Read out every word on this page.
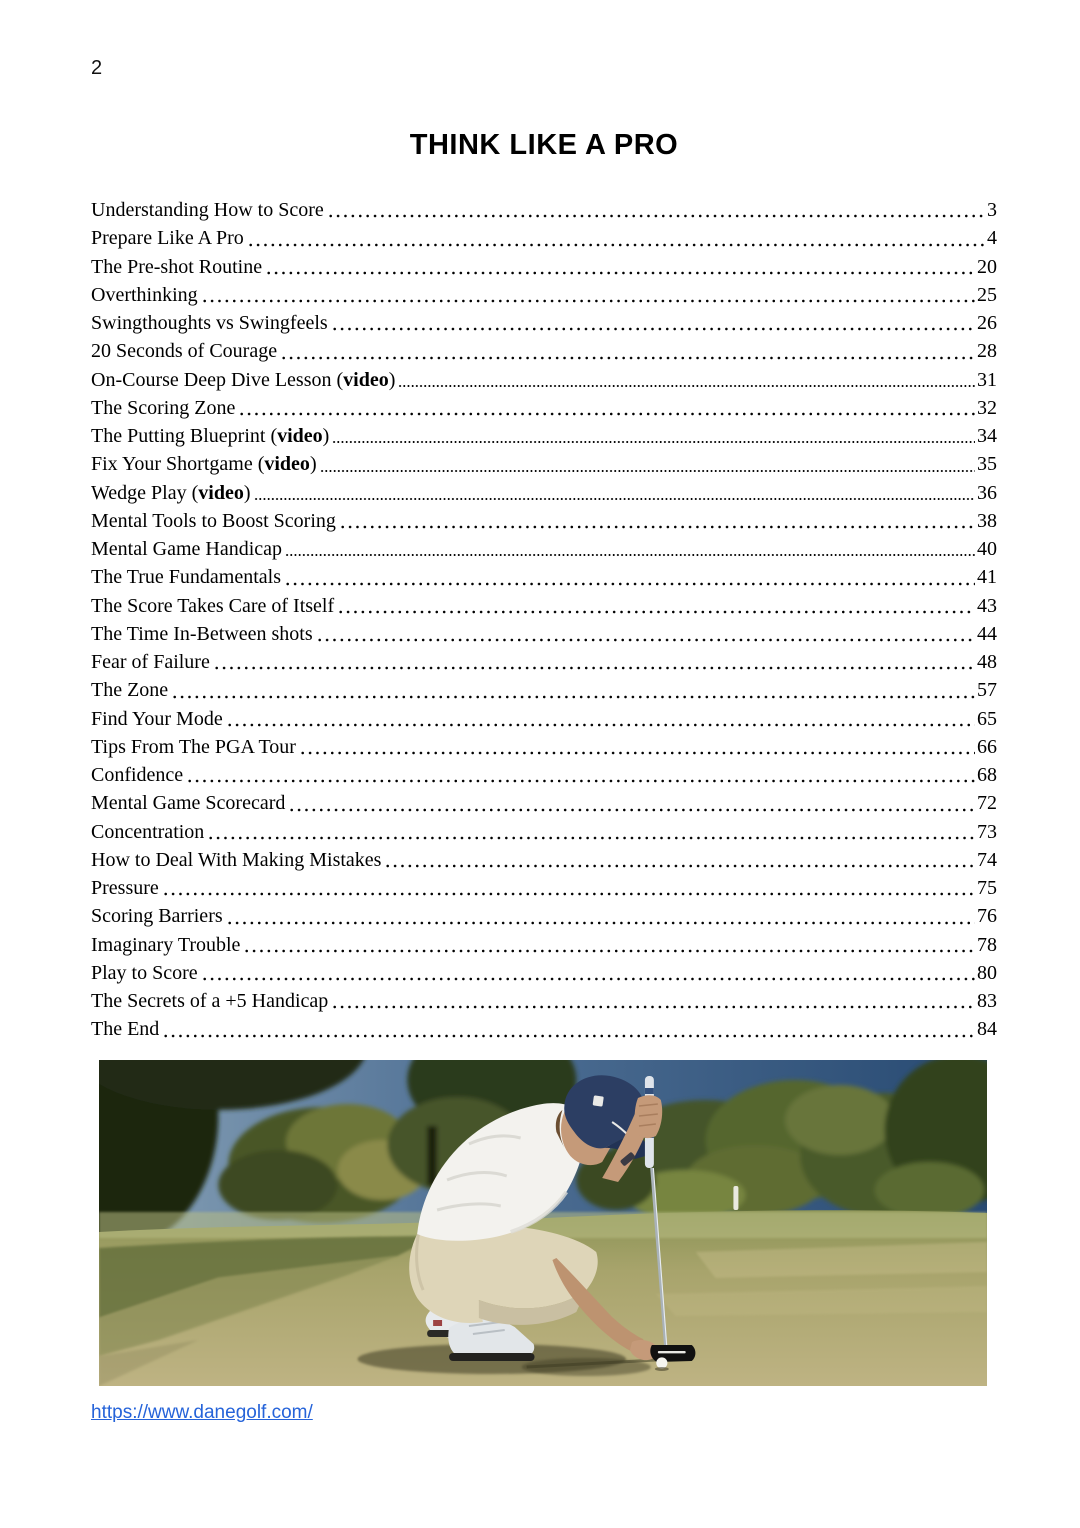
2
THINK LIKE A PRO
Understanding How to Score	3
Prepare Like A Pro	4
The Pre-shot Routine	20
Overthinking	25
Swingthoughts vs Swingfeels	26
20 Seconds of Courage	28
On-Course Deep Dive Lesson (video)	31
The Scoring Zone	32
The Putting Blueprint (video)	34
Fix Your Shortgame (video)	35
Wedge Play (video)	36
Mental Tools to Boost Scoring	38
Mental Game Handicap	40
The True Fundamentals	41
The Score Takes Care of Itself	43
The Time In-Between shots	44
Fear of Failure	48
The Zone	57
Find Your Mode	65
Tips From The PGA Tour	66
Confidence	68
Mental Game Scorecard	72
Concentration	73
How to Deal With Making Mistakes	74
Pressure	75
Scoring Barriers	76
Imaginary Trouble	78
Play to Score	80
The Secrets of a +5 Handicap	83
The End	84
https://www.danegolf.com/
